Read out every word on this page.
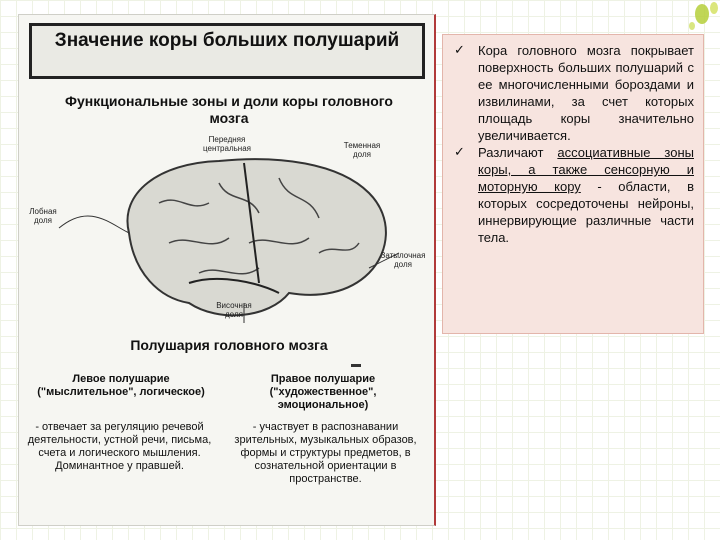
Значение коры больших полушарий
Функциональные зоны и доли коры головного мозга
Передняя центральная	Теменная доля
Лобная доля
Затылочная доля
Височная доля
Полушария головного мозга
▬
Левое полушарие ("мыслительное", логическое)
Правое полушарие ("художественное", эмоциональное)
- отвечает за регуляцию речевой деятельности, устной речи, письма, счета и логического мышления. Доминантное у правшей.
- участвует в распознавании зрительных, музыкальных образов, формы и структуры предметов, в сознательной ориентации в пространстве.
✓ Кора головного мозга покрывает поверхность больших полушарий с ее многочисленными бороздами и извилинами, за счет которых площадь коры значительно увеличивается.
✓ Различают ассоциативные зоны коры, а также сенсорную и моторную кору - области, в которых сосредоточены нейроны, иннервирующие различные части тела.
